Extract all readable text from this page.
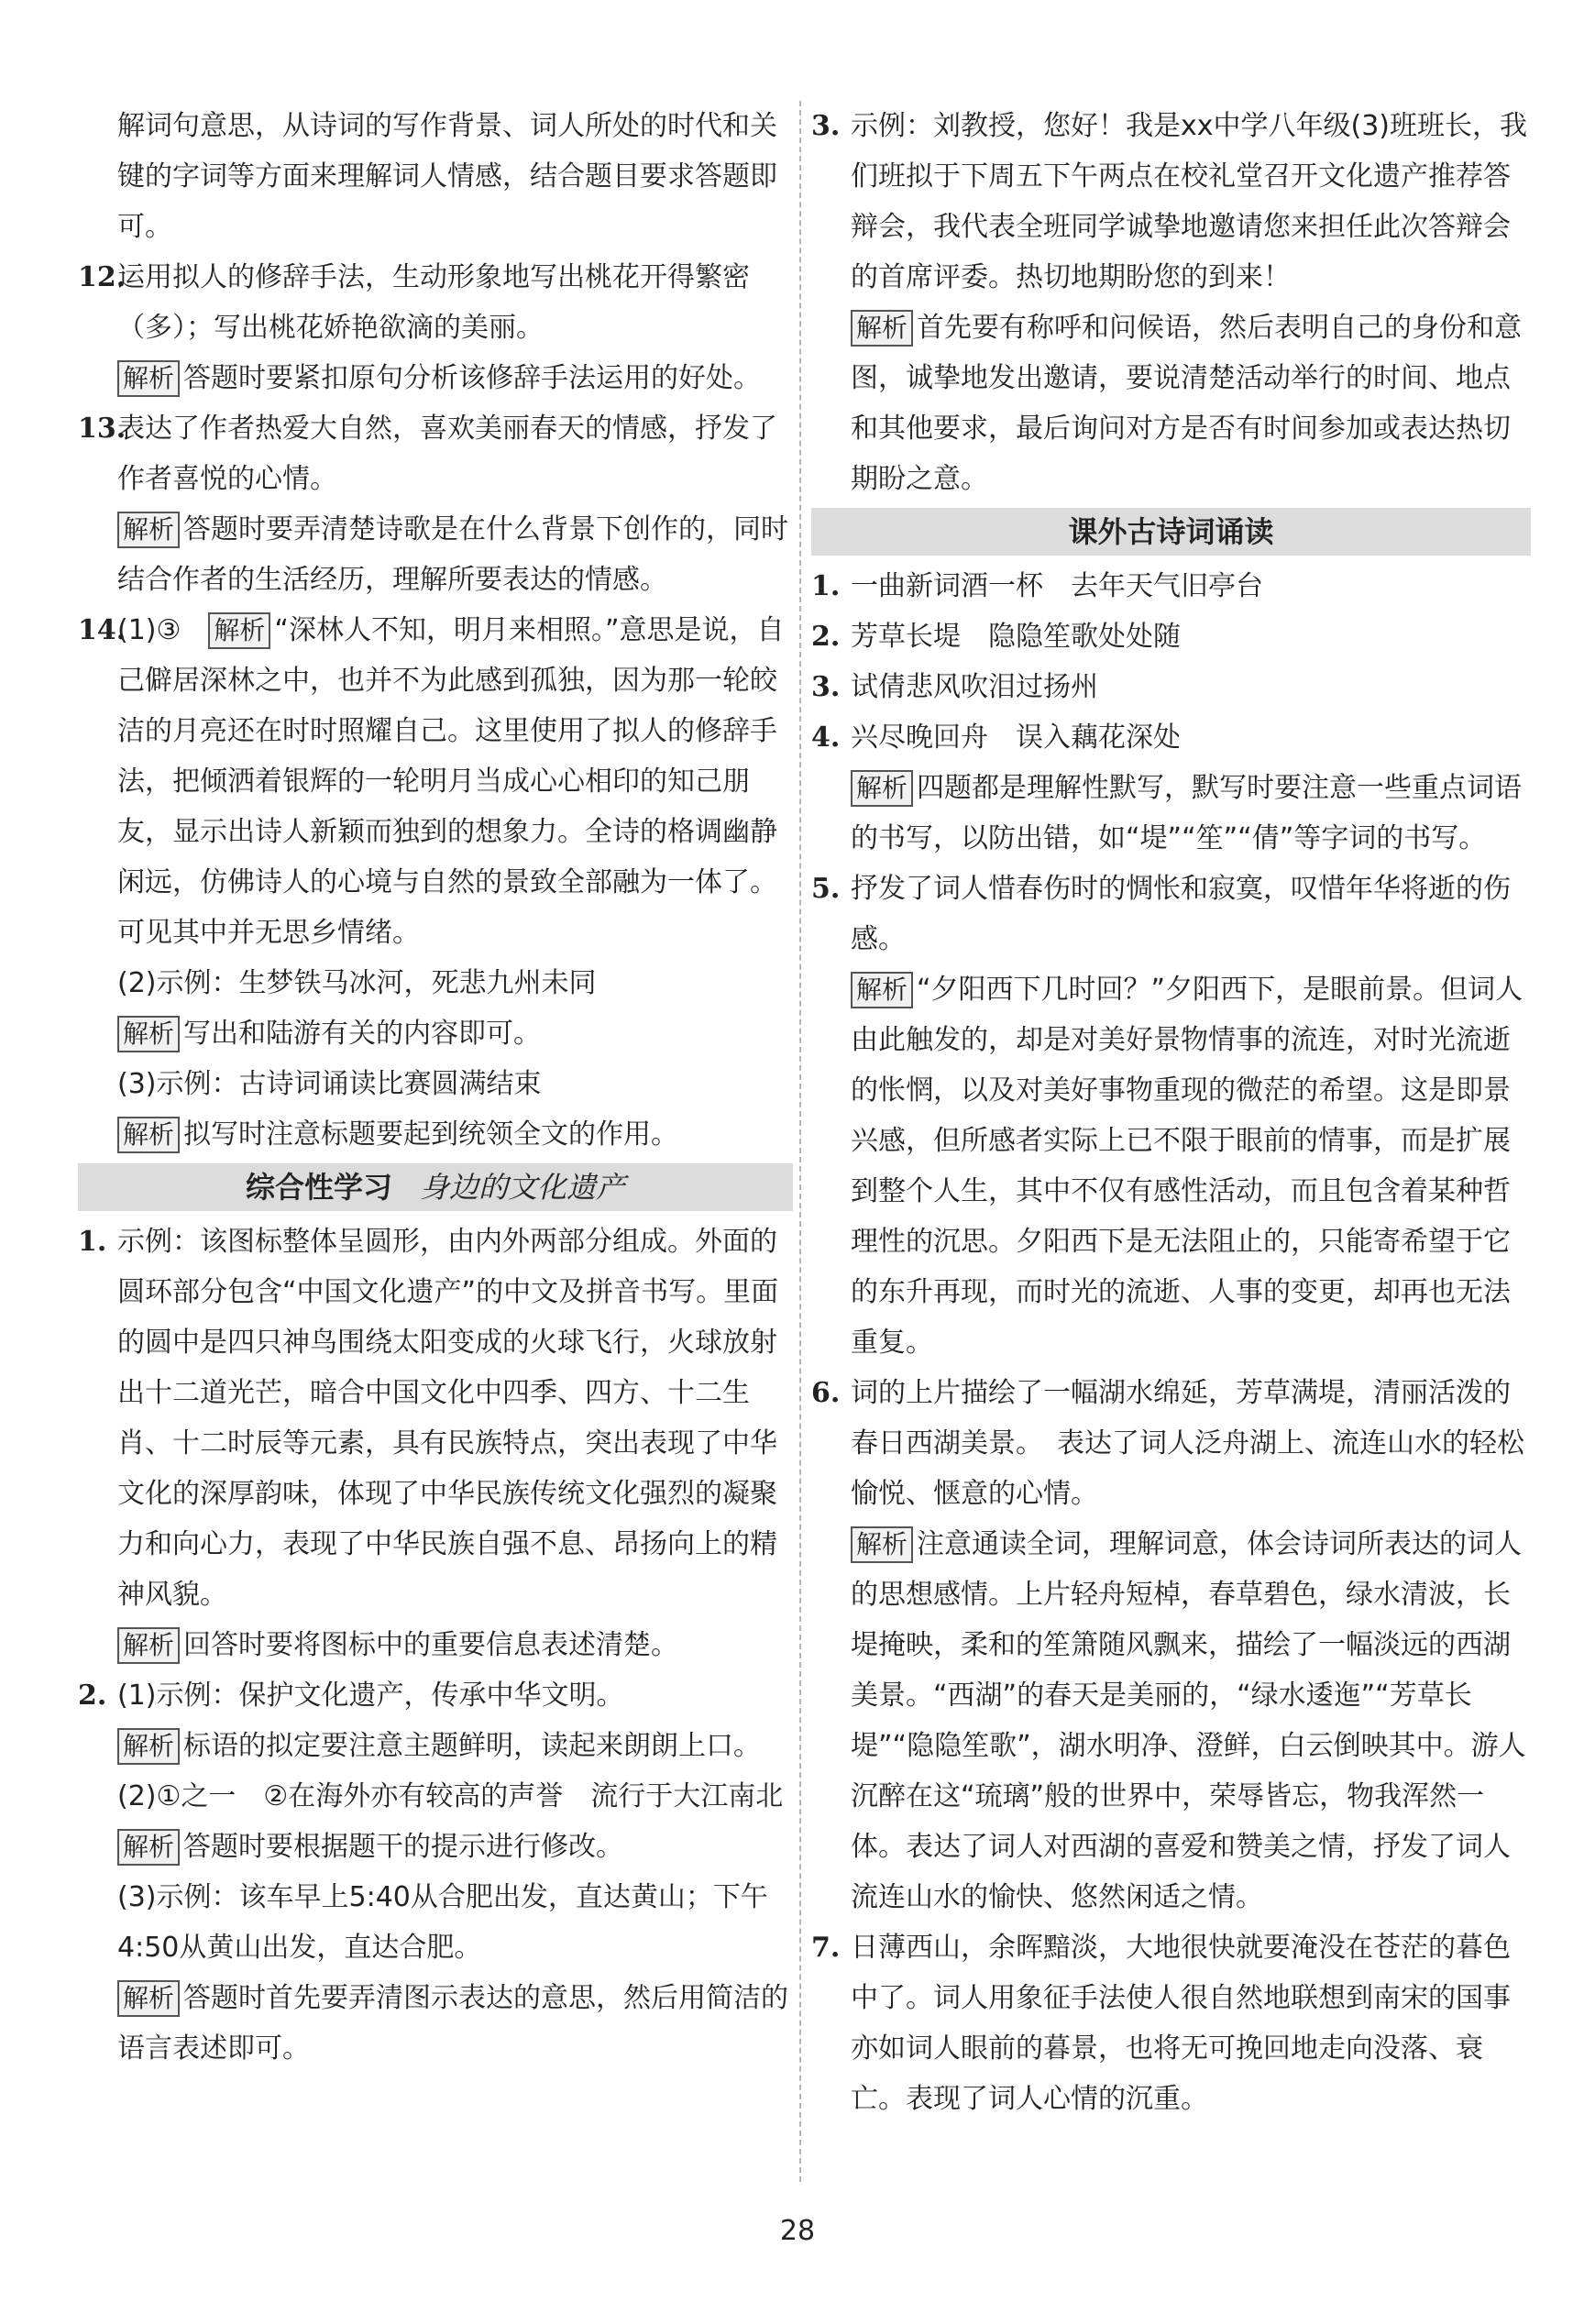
解词句意思，从诗词的写作背景、词人所处的时代和关键的字词等方面来理解词人情感，结合题目要求答题即可。

12.

运用拟人的修辞手法，生动形象地写出桃花开得繁密（多）；写出桃花娇艳欲滴的美丽。

解析 答题时要紧扣原句分析该修辞手法运用的好处。

13.

表达了作者热爱大自然，喜欢美丽春天的情感，抒发了作者喜悦的心情。

解析 答题时要弄清楚诗歌是在什么背景下创作的，同时结合作者的生活经历，理解所要表达的情感。

14.

(1)③　 解析 “深林人不知，明月来相照。”意思是说，自己僻居深林之中，也并不为此感到孤独，因为那一轮皎洁的月亮还在时时照耀自己。这里使用了拟人的修辞手法，把倾洒着银辉的一轮明月当成心心相印的知己朋友，显示出诗人新颖而独到的想象力。全诗的格调幽静闲远，仿佛诗人的心境与自然的景致全部融为一体了。可见其中并无思乡情绪。

(2)示例：生梦铁马冰河，死悲九州未同

解析 写出和陆游有关的内容即可。

(3)示例：古诗词诵读比赛圆满结束

解析 拟写时注意标题要起到统领全文的作用。

综合性学习 身边的文化遗产
1. 示例：该图标整体呈圆形，由内外两部分组成。外面的圆环部分包含“中国文化遗产”的中文及拼音书写。里面的圆中是四只神鸟围绕太阳变成的火球飞行，火球放射出十二道光芒，暗合中国文化中四季、四方、十二生肖、十二时辰等元素，具有民族特点，突出表现了中华文化的深厚韵味，体现了中华民族传统文化强烈的凝聚力和向心力，表现了中华民族自强不息、昂扬向上的精神风貌。

解析 回答时要将图标中的重要信息表述清楚。

2. (1)示例：保护文化遗产，传承中华文明。

解析 标语的拟定要注意主题鲜明，读起来朗朗上口。

(2)①之一　②在海外亦有较高的声誉　流行于大江南北

解析 答题时要根据题干的提示进行修改。

(3)示例：该车早上5:40从合肥出发，直达黄山；下午4:50从黄山出发，直达合肥。

解析 答题时首先要弄清图示表达的意思，然后用简洁的语言表述即可。

3. 示例：刘教授，您好！我是xx中学八年级(3)班班长，我们班拟于下周五下午两点在校礼堂召开文化遗产推荐答辩会，我代表全班同学诚挚地邀请您来担任此次答辩会的首席评委。热切地期盼您的到来！

解析 首先要有称呼和问候语，然后表明自己的身份和意图，诚挚地发出邀请，要说清楚活动举行的时间、地点和其他要求，最后询问对方是否有时间参加或表达热切期盼之意。

课外古诗词诵读
1. 一曲新词酒一杯　去年天气旧亭台

2. 芳草长堤　隐隐笙歌处处随

3. 试倩悲风吹泪过扬州

4. 兴尽晚回舟　误入藕花深处

解析 四题都是理解性默写，默写时要注意一些重点词语的书写，以防出错，如“堤”“笙”“倩”等字词的书写。

5. 抒发了词人惜春伤时的惆怅和寂寞，叹惜年华将逝的伤感。

解析 “夕阳西下几时回？”夕阳西下，是眼前景。但词人由此触发的，却是对美好景物情事的流连，对时光流逝的怅惘，以及对美好事物重现的微茫的希望。这是即景兴感，但所感者实际上已不限于眼前的情事，而是扩展到整个人生，其中不仅有感性活动，而且包含着某种哲理性的沉思。夕阳西下是无法阻止的，只能寄希望于它的东升再现，而时光的流逝、人事的变更，却再也无法重复。

6. 词的上片描绘了一幅湖水绵延，芳草满堤，清丽活泼的春日西湖美景。　表达了词人泛舟湖上、流连山水的轻松愉悦、惬意的心情。

解析 注意通读全词，理解词意，体会诗词所表达的词人的思想感情。上片轻舟短棹，春草碧色，绿水清波，长堤掩映，柔和的笙箫随风飘来，描绘了一幅淡远的西湖美景。“西湖”的春天是美丽的，“绿水逶迤”“芳草长堤”“隐隐笙歌”，湖水明净、澄鲜，白云倒映其中。游人沉醉在这“琉璃”般的世界中，荣辱皆忘，物我浑然一体。表达了词人对西湖的喜爱和赞美之情，抒发了词人流连山水的愉快、悠然闲适之情。

7. 日薄西山，余晖黯淡，大地很快就要淹没在苍茫的暮色中了。词人用象征手法使人很自然地联想到南宋的国事亦如词人眼前的暮景，也将无可挽回地走向没落、衰亡。表现了词人心情的沉重。

28
